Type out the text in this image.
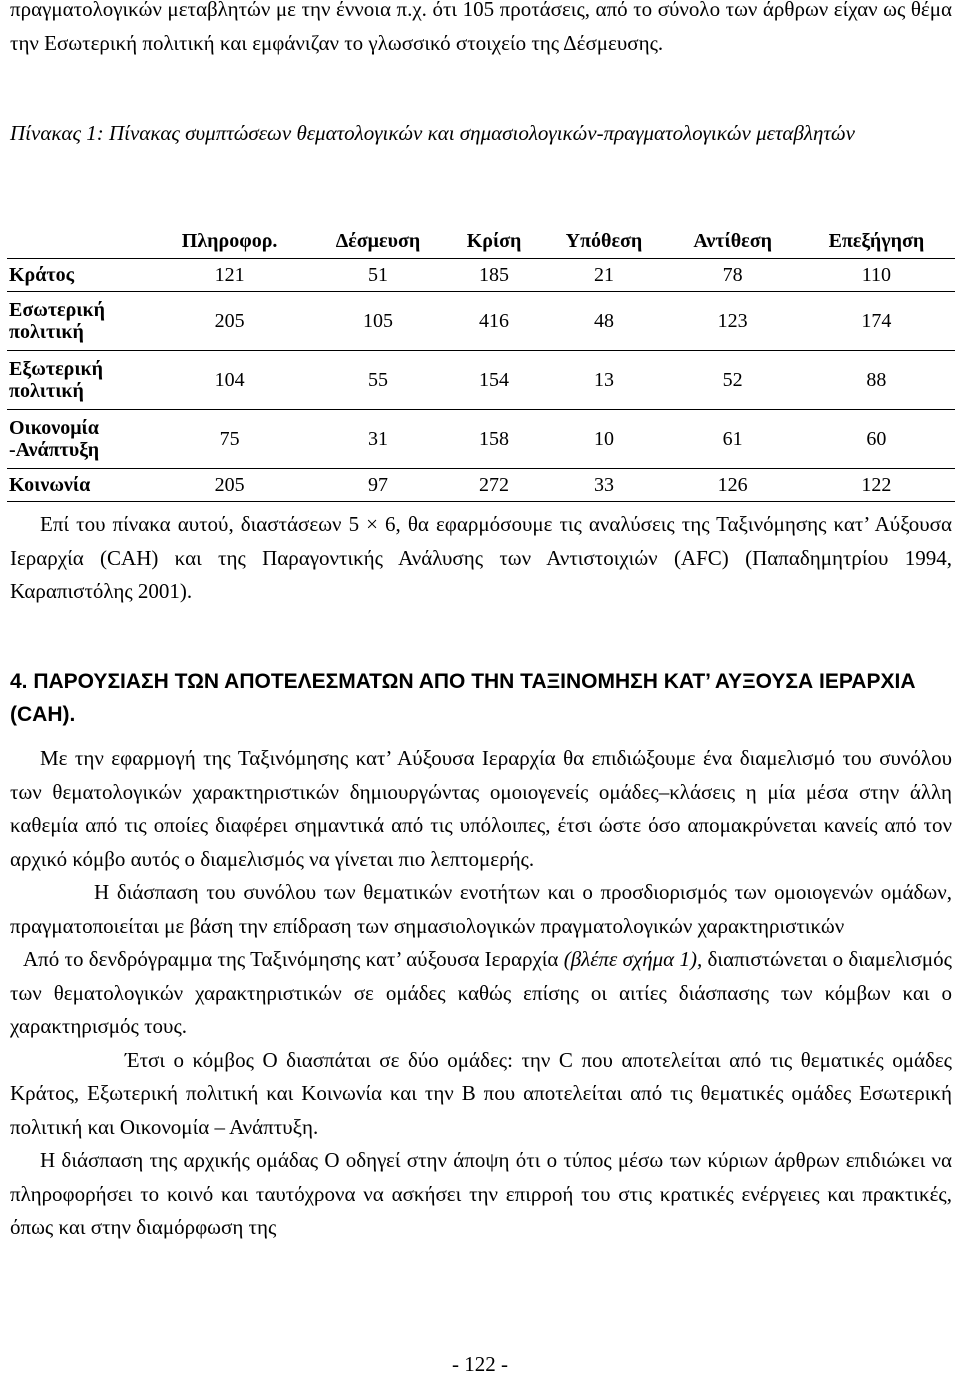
πραγματολογικών μεταβλητών με την έννοια π.χ. ότι 105 προτάσεις, από το σύνολο των άρθρων είχαν ως θέμα την Εσωτερική πολιτική και εμφάνιζαν το γλωσσικό στοιχείο της Δέσμευσης.

Πίνακας 1: Πίνακας συμπτώσεων θεματολογικών και σημασιολογικών-πραγματολογικών μεταβλητών

	Πληροφορ.	Δέσμευση	Κρίση	Υπόθεση	Αντίθεση	Επεξήγηση
Κράτος	121	51	185	21	78	110
Εσωτερική
πολιτική	205	105	416	48	123	174
Εξωτερική
πολιτική	104	55	154	13	52	88
Οικονομία
-Ανάπτυξη	75	31	158	10	61	60
Κοινωνία	205	97	272	33	126	122

Επί του πίνακα αυτού, διαστάσεων 5 × 6, θα εφαρμόσουμε τις αναλύσεις της Ταξινόμησης κατ’ Αύξουσα Ιεραρχία (CAH) και της Παραγοντικής Ανάλυσης των Αντιστοιχιών (AFC) (Παπαδημητρίου 1994, Καραπιστόλης 2001).

4. ΠΑΡΟΥΣΙΑΣΗ ΤΩΝ ΑΠΟΤΕΛΕΣΜΑΤΩΝ ΑΠΟ ΤΗΝ ΤΑΞΙΝΟΜΗΣΗ ΚΑΤ’ ΑΥΞΟΥΣΑ ΙΕΡΑΡΧΙΑ (CAH).

Με την εφαρμογή της Ταξινόμησης κατ’ Αύξουσα Ιεραρχία θα επιδιώξουμε ένα διαμελισμό του συνόλου των θεματολογικών χαρακτηριστικών δημιουργώντας ομοιογενείς ομάδες–κλάσεις η μία μέσα στην άλλη καθεμία από τις οποίες διαφέρει σημαντικά από τις υπόλοιπες, έτσι ώστε όσο απομακρύνεται κανείς από τον αρχικό κόμβο αυτός ο διαμελισμός να γίνεται πιο λεπτομερής.

Η διάσπαση του συνόλου των θεματικών ενοτήτων και ο προσδιορισμός των ομοιογενών ομάδων, πραγματοποιείται με βάση την επίδραση των σημασιολογικών πραγματολογικών χαρακτηριστικών

Από το δενδρόγραμμα της Ταξινόμησης κατ’ αύξουσα Ιεραρχία (βλέπε σχήμα 1), διαπιστώνεται ο διαμελισμός των θεματολογικών χαρακτηριστικών σε ομάδες καθώς επίσης οι αιτίες διάσπασης των κόμβων και ο χαρακτηρισμός τους.

Έτσι ο κόμβος Ο διασπάται σε δύο ομάδες: την C που αποτελείται από τις θεματικές ομάδες Κράτος, Εξωτερική πολιτική και Κοινωνία και την Β που αποτελείται από τις θεματικές ομάδες Εσωτερική πολιτική και Οικονομία – Ανάπτυξη.

Η διάσπαση της αρχικής ομάδας Ο οδηγεί στην άποψη ότι ο τύπος μέσω των κύριων άρθρων επιδιώκει να πληροφορήσει το κοινό και ταυτόχρονα να ασκήσει την επιρροή του στις κρατικές ενέργειες και πρακτικές, όπως και στην διαμόρφωση της

- 122 -
